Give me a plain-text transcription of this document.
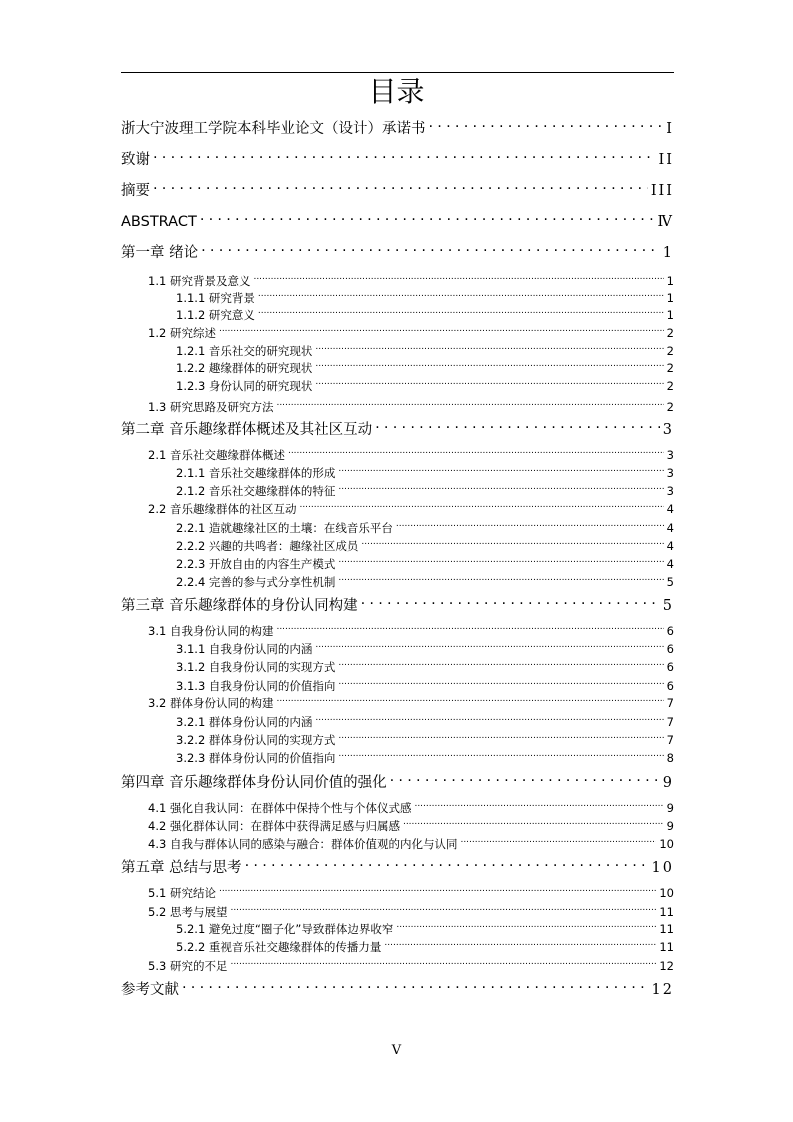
目录
浙大宁波理工学院本科毕业论文（设计）承诺书 .....	I
致谢 .....	II
摘要 .....	III
ABSTRACT .....	Ⅳ
第一章 绪论 .....	1
1.1 研究背景及意义 .....	1
1.1.1 研究背景 .....	1
1.1.2 研究意义 .....	1
1.2 研究综述 .....	2
1.2.1 音乐社交的研究现状 .....	2
1.2.2 趣缘群体的研究现状 .....	2
1.2.3 身份认同的研究现状 .....	2
1.3 研究思路及研究方法 .....	2
第二章 音乐趣缘群体概述及其社区互动 .....	3
2.1 音乐社交趣缘群体概述 .....	3
2.1.1 音乐社交趣缘群体的形成 .....	3
2.1.2 音乐社交趣缘群体的特征 .....	3
2.2 音乐趣缘群体的社区互动 .....	4
2.2.1 造就趣缘社区的土壤：在线音乐平台 .....	4
2.2.2 兴趣的共鸣者：趣缘社区成员 .....	4
2.2.3 开放自由的内容生产模式 .....	4
2.2.4 完善的参与式分享性机制 .....	5
第三章 音乐趣缘群体的身份认同构建 .....	5
3.1 自我身份认同的构建 .....	6
3.1.1 自我身份认同的内涵 .....	6
3.1.2 自我身份认同的实现方式 .....	6
3.1.3 自我身份认同的价值指向 .....	6
3.2 群体身份认同的构建 .....	7
3.2.1 群体身份认同的内涵 .....	7
3.2.2 群体身份认同的实现方式 .....	7
3.2.3 群体身份认同的价值指向 .....	8
第四章 音乐趣缘群体身份认同价值的强化 .....	9
4.1 强化自我认同：在群体中保持个性与个体仪式感 .....	9
4.2 强化群体认同：在群体中获得满足感与归属感 .....	9
4.3 自我与群体认同的感染与融合：群体价值观的内化与认同 .....	10
第五章 总结与思考 .....	10
5.1 研究结论 .....	10
5.2 思考与展望 .....	11
5.2.1 避免过度“圈子化”导致群体边界收窄 .....	11
5.2.2 重视音乐社交趣缘群体的传播力量 .....	11
5.3 研究的不足 .....	12
参考文献 .....	12
V
